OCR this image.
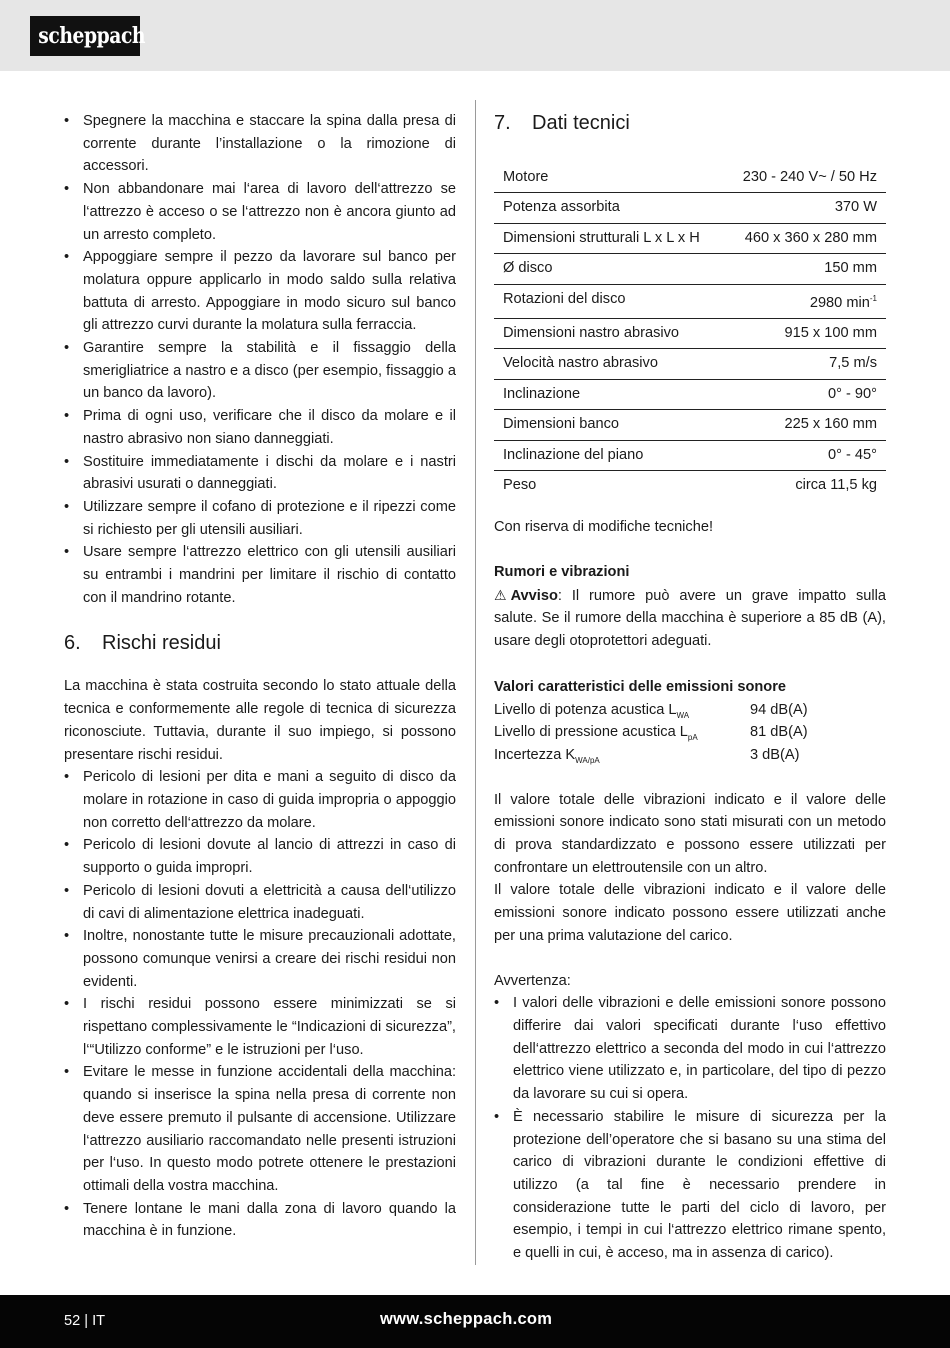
scheppach
• Spegnere la macchina e staccare la spina dalla presa di corrente durante l’installazione o la rimozione di accessori.
• Non abbandonare mai l‘area di lavoro dell‘attrezzo se l‘attrezzo è acceso o se l‘attrezzo non è ancora giunto ad un arresto completo.
• Appoggiare sempre il pezzo da lavorare sul banco per molatura oppure applicarlo in modo saldo sulla relativa battuta di arresto. Appoggiare in modo sicuro sul banco gli attrezzo curvi durante la molatura sulla ferraccia.
• Garantire sempre la stabilità e il fissaggio della smerigliatrice a nastro e a disco (per esempio, fissaggio a un banco da lavoro).
• Prima di ogni uso, verificare che il disco da molare e il nastro abrasivo non siano danneggiati.
• Sostituire immediatamente i dischi da molare e i nastri abrasivi usurati o danneggiati.
• Utilizzare sempre il cofano di protezione e il ripezzi come si richiesto per gli utensili ausiliari.
• Usare sempre l‘attrezzo elettrico con gli utensili ausiliari su entrambi i mandrini per limitare il rischio di contatto con il mandrino rotante.
6.	Rischi residui

La macchina è stata costruita secondo lo stato attuale della tecnica e conformemente alle regole di tecnica di sicurezza riconosciute. Tuttavia, durante il suo impiego, si possono presentare rischi residui.

• Pericolo di lesioni per dita e mani a seguito di disco da molare in rotazione in caso di guida impropria o appoggio non corretto dell‘attrezzo da molare.
• Pericolo di lesioni dovute al lancio di attrezzi in caso di supporto o guida impropri.
• Pericolo di lesioni dovuti a elettricità a causa dell‘utilizzo di cavi di alimentazione elettrica inadeguati.
• Inoltre, nonostante tutte le misure precauzionali adottate, possono comunque venirsi a creare dei rischi residui non evidenti.
• I rischi residui possono essere minimizzati se si rispettano complessivamente le “Indicazioni di sicurezza”, l‘“Utilizzo conforme” e le istruzioni per l‘uso.
• Evitare le messe in funzione accidentali della macchina: quando si inserisce la spina nella presa di corrente non deve essere premuto il pulsante di accensione. Utilizzare l‘attrezzo ausiliario raccomandato nelle presenti istruzioni per l‘uso. In questo modo potrete ottenere le prestazioni ottimali della vostra macchina.
• Tenere lontane le mani dalla zona di lavoro quando la macchina è in funzione.
7.	Dati tecnici
Motore	230 - 240 V~ / 50 Hz
Potenza assorbita	370 W
Dimensioni strutturali L x L x H	460 x 360 x 280 mm
Ø disco	150 mm
Rotazioni del disco	2980 $\min^{-1}$
Dimensioni nastro abrasivo	915 x 100 mm
Velocità nastro abrasivo	7,5 m/s
Inclinazione	0° - 90°
Dimensioni banco	225 x 160 mm
Inclinazione del piano	0° - 45°
Peso	circa 11,5 kg

Con riserva di modifiche tecniche!

Rumori e vibrazioni

⚠ Avviso: Il rumore può avere un grave impatto sulla salute. Se il rumore della macchina è superiore a 85 dB (A), usare degli otoprotettori adeguati.

Valori caratteristici delle emissioni sonore

Livello di potenza acustica $L_{WA}$	94 dB(A)
Livello di pressione acustica $L_{pA}$	81 dB(A)
Incertezza $K_{WA/pA}$	3 dB(A)

Il valore totale delle vibrazioni indicato e il valore delle emissioni sonore indicato sono stati misurati con un metodo di prova standardizzato e possono essere utilizzati per confrontare un elettroutensile con un altro.

Il valore totale delle vibrazioni indicato e il valore delle emissioni sonore indicato possono essere utilizzati anche per una prima valutazione del carico.

Avvertenza:

• I valori delle vibrazioni e delle emissioni sonore possono differire dai valori specificati durante l‘uso effettivo dell‘attrezzo elettrico a seconda del modo in cui l‘attrezzo elettrico viene utilizzato e, in particolare, del tipo di pezzo da lavorare su cui si opera.
• È necessario stabilire le misure di sicurezza per la protezione dell’operatore che si basano su una stima del carico di vibrazioni durante le condizioni effettive di utilizzo (a tal fine è necessario prendere in considerazione tutte le parti del ciclo di lavoro, per esempio, i tempi in cui l‘attrezzo elettrico rimane spento, e quelli in cui, è acceso, ma in assenza di carico).
52 | IT	www.scheppach.com
